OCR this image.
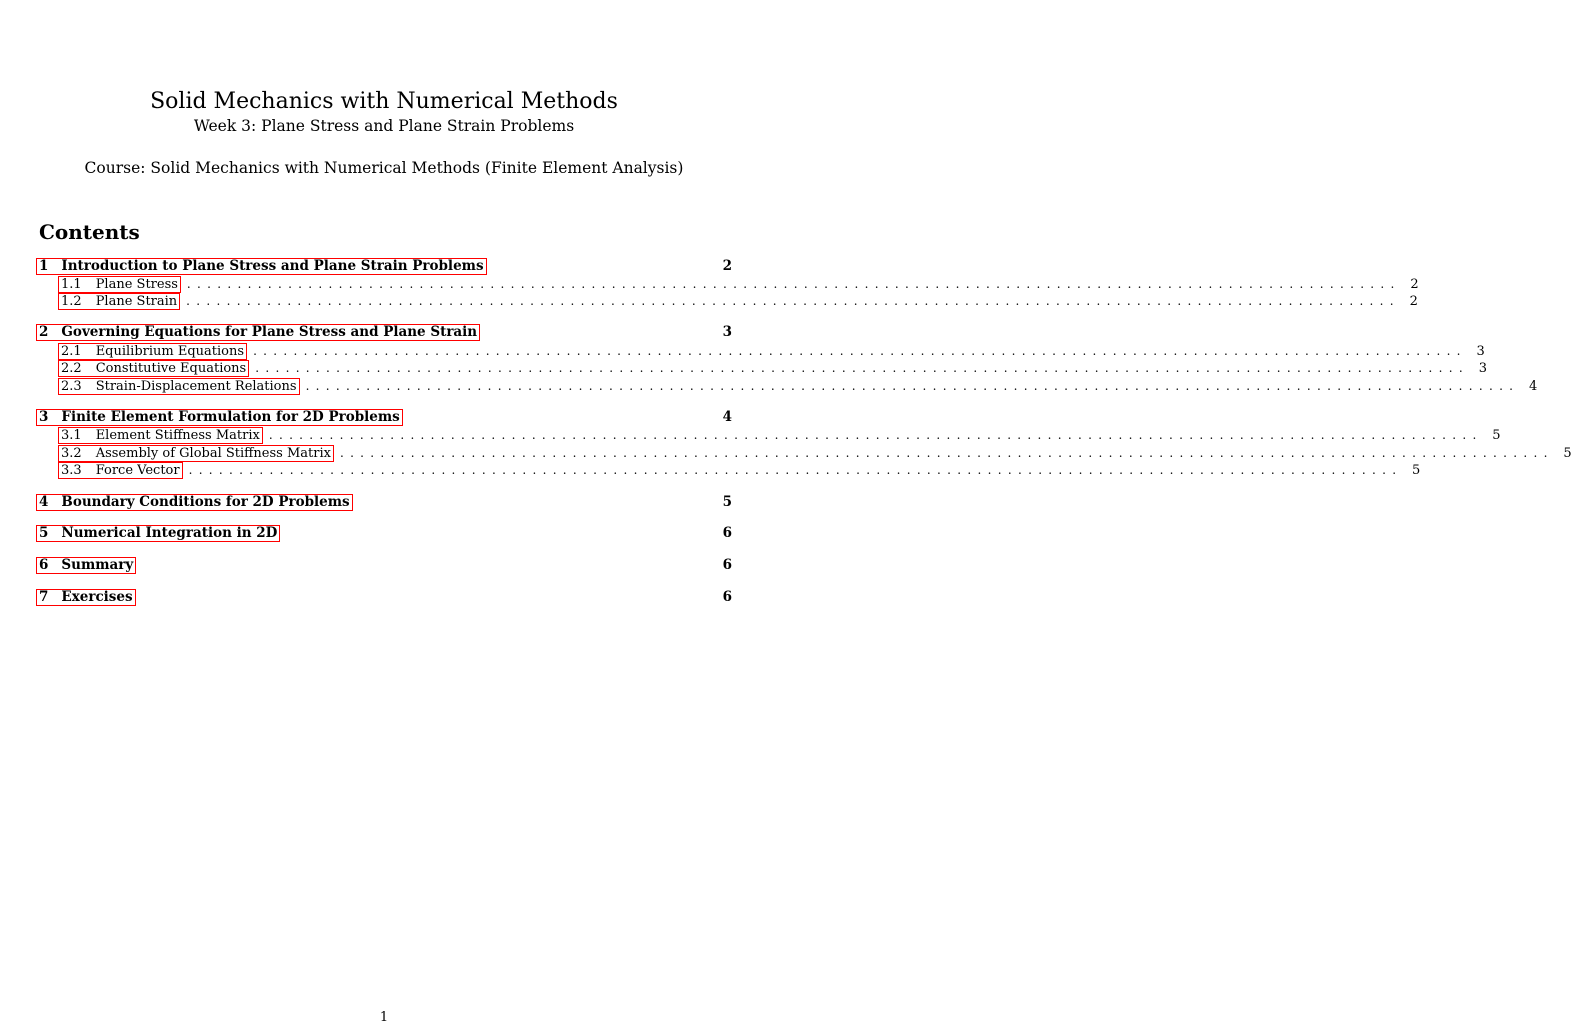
Solid Mechanics with Numerical Methods
Week 3: Plane Stress and Plane Strain Problems
Course: Solid Mechanics with Numerical Methods (Finite Element Analysis)
Contents
1 Introduction to Plane Stress and Plane Strain Problems	2
1.1 Plane Stress ........................................................................................................................ 2
1.2 Plane Strain ........................................................................................................................ 2
2 Governing Equations for Plane Stress and Plane Strain	3
2.1 Equilibrium Equations ........................................................................................................................ 3
2.2 Constitutive Equations ........................................................................................................................ 3
2.3 Strain-Displacement Relations ........................................................................................................................ 4
3 Finite Element Formulation for 2D Problems	4
3.1 Element Stiffness Matrix ........................................................................................................................ 5
3.2 Assembly of Global Stiffness Matrix ........................................................................................................................ 5
3.3 Force Vector ........................................................................................................................ 5
4 Boundary Conditions for 2D Problems	5
5 Numerical Integration in 2D	6
6 Summary	6
7 Exercises	6
1
